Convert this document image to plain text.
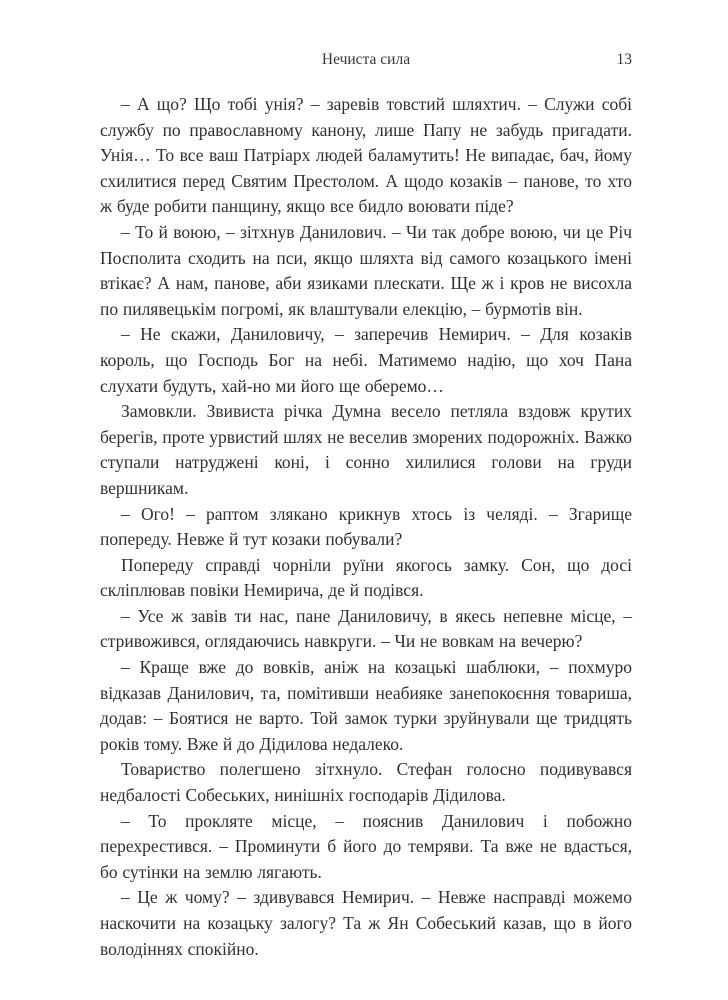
Нечиста сила	13

– А що? Що тобі унія? – заревів товстий шляхтич. – Служи собі службу по православному канону, лише Папу не забудь пригадати. Унія… То все ваш Патріарх людей баламутить! Не випадає, бач, йому схилитися перед Святим Престолом. А щодо козаків – панове, то хто ж буде робити панщину, якщо все бидло воювати піде?

– То й воюю, – зітхнув Данилович. – Чи так добре воюю, чи це Річ Посполита сходить на пси, якщо шляхта від самого козацького імені втікає? А нам, панове, аби язиками плескати. Ще ж і кров не висохла по пилявецькім погромі, як влаштували елекцію, – бурмотів він.

– Не скажи, Даниловичу, – заперечив Немирич. – Для козаків король, що Господь Бог на небі. Матимемо надію, що хоч Пана слухати будуть, хай-но ми його ще оберемо…

Замовкли. Звивиста річка Думна весело петляла вздовж крутих берегів, проте урвистий шлях не веселив зморених подорожніх. Важко ступали натруджені коні, і сонно хилилися голови на груди вершникам.

– Ого! – раптом злякано крикнув хтось із челяді. – Згарище попереду. Невже й тут козаки побували?

Попереду справді чорніли руїни якогось замку. Сон, що досі скліплював повіки Немирича, де й подівся.

– Усе ж завів ти нас, пане Даниловичу, в якесь непевне місце, – стривожився, оглядаючись навкруги. – Чи не вовкам на вечерю?

– Краще вже до вовків, аніж на козацькі шаблюки, – похмуро відказав Данилович, та, помітивши неабияке занепокоєння товариша, додав: – Боятися не варто. Той замок турки зруйнували ще тридцять років тому. Вже й до Дідилова недалеко.

Товариство полегшено зітхнуло. Стефан голосно подивувався недбалості Собеських, нинішніх господарів Дідилова.

– То прокляте місце, – пояснив Данилович і побожно перехрестився. – Проминути б його до темряви. Та вже не вдасться, бо сутінки на землю лягають.

– Це ж чому? – здивувався Немирич. – Невже насправді можемо наскочити на козацьку залогу? Та ж Ян Собеський казав, що в його володіннях спокійно.
